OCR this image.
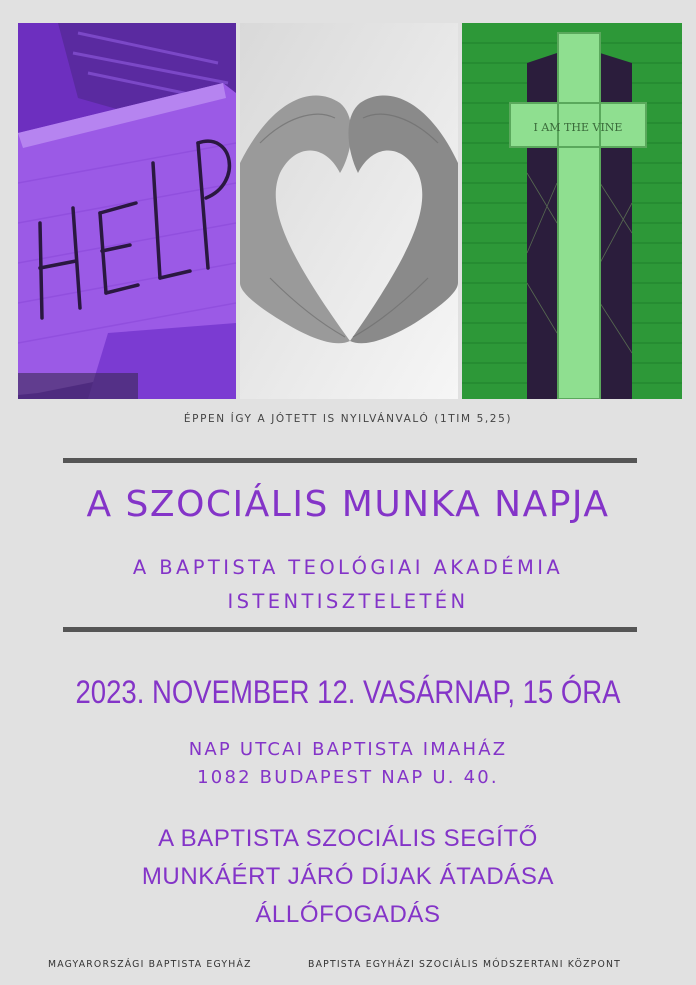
I AM THE VINE
ÉPPEN ÍGY A JÓTETT IS NYILVÁNVALÓ (1TIM 5,25)
A SZOCIÁLIS MUNKA NAPJA
A BAPTISTA TEOLÓGIAI AKADÉMIA
ISTENTISZTELETÉN
2023. NOVEMBER 12. VASÁRNAP, 15 ÓRA
NAP UTCAI BAPTISTA IMAHÁZ
1082 BUDAPEST NAP U. 40.
A BAPTISTA SZOCIÁLIS SEGÍTŐ
MUNKÁÉRT JÁRÓ DÍJAK ÁTADÁSA
ÁLLÓFOGADÁS
MAGYARORSZÁGI BAPTISTA EGYHÁZ	BAPTISTA EGYHÁZI SZOCIÁLIS MÓDSZERTANI KÖZPONT
